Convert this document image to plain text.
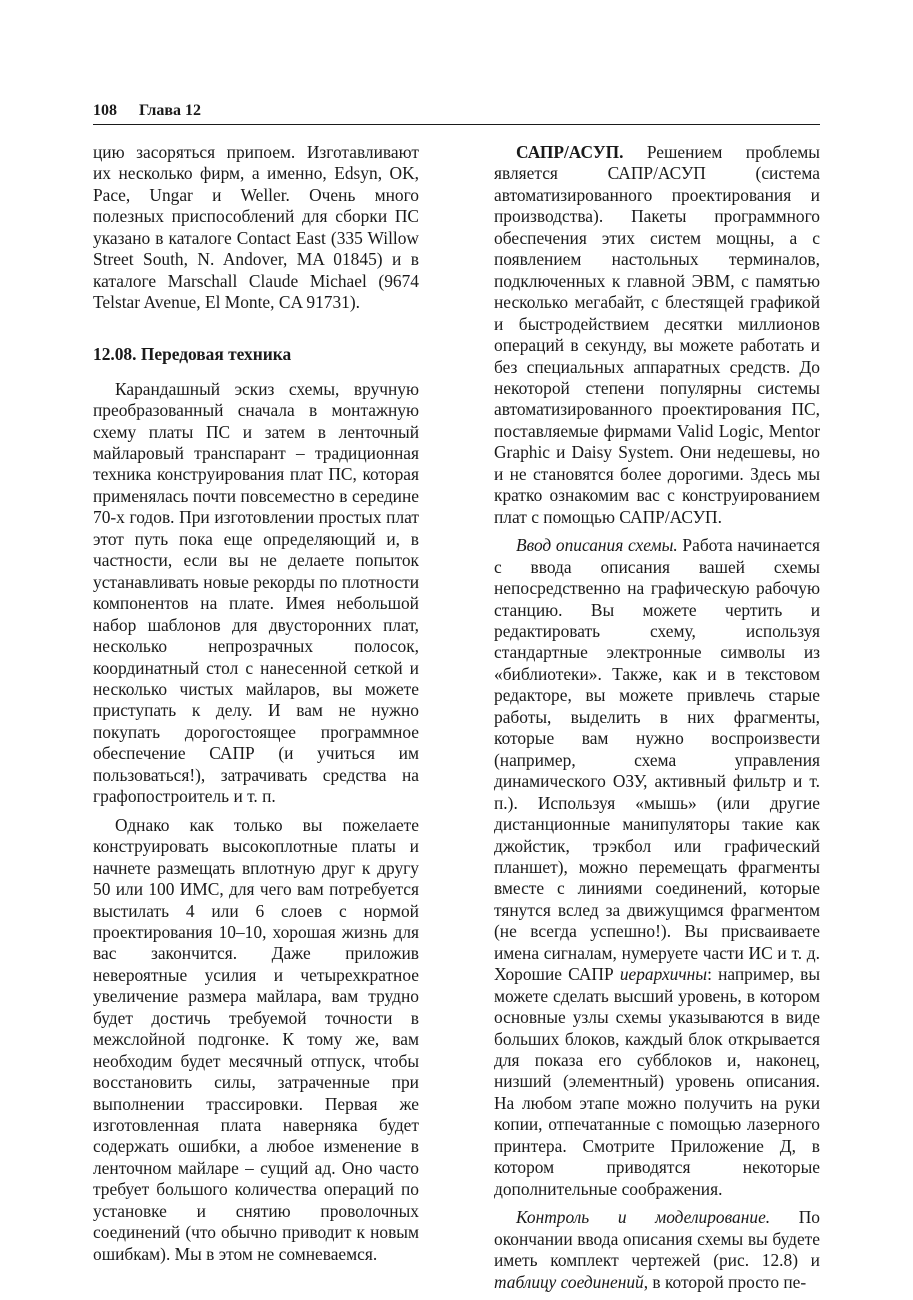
108 Глава 12

цию засоряться припоем. Изготавливают их несколько фирм, а именно, Edsyn, OK, Pace, Ungar и Weller. Очень много полезных приспособлений для сборки ПС указано в каталоге Contact East (335 Willow Street South, N. Andover, MA 01845) и в каталоге Marschall Claude Michael (9674 Telstar Avenue, El Monte, CA 91731).

12.08. Передовая техника

Карандашный эскиз схемы, вручную преобразованный сначала в монтажную схему платы ПС и затем в ленточный майларовый транспарант – традиционная техника конструирования плат ПС, которая применялась почти повсеместно в середине 70-х годов. При изготовлении простых плат этот путь пока еще определяющий и, в частности, если вы не делаете попыток устанавливать новые рекорды по плотности компонентов на плате. Имея небольшой набор шаблонов для двусторонних плат, несколько непрозрачных полосок, координатный стол с нанесенной сеткой и несколько чистых майларов, вы можете приступать к делу. И вам не нужно покупать дорогостоящее программное обеспечение САПР (и учиться им пользоваться!), затрачивать средства на графопостроитель и т. п.

Однако как только вы пожелаете конструировать высокоплотные платы и начнете размещать вплотную друг к другу 50 или 100 ИМС, для чего вам потребуется выстилать 4 или 6 слоев с нормой проектирования 10–10, хорошая жизнь для вас закончится. Даже приложив невероятные усилия и четырехкратное увеличение размера майлара, вам трудно будет достичь требуемой точности в межслойной подгонке. К тому же, вам необходим будет месячный отпуск, чтобы восстановить силы, затраченные при выполнении трассировки. Первая же изготовленная плата наверняка будет содержать ошибки, а любое изменение в ленточном майларе – сущий ад. Оно часто требует большого количества операций по установке и снятию проволочных соединений (что обычно приводит к новым ошибкам). Мы в этом не сомневаемся.

САПР/АСУП. Решением проблемы является САПР/АСУП (система автоматизированного проектирования и производства). Пакеты программного обеспечения этих систем мощны, а с появлением настольных терминалов, подключенных к главной ЭВМ, с памятью несколько мегабайт, с блестящей графикой и быстродействием десятки миллионов операций в секунду, вы можете работать и без специальных аппаратных средств. До некоторой степени популярны системы автоматизированного проектирования ПС, поставляемые фирмами Valid Logic, Mentor Graphic и Daisy System. Они недешевы, но и не становятся более дорогими. Здесь мы кратко ознакомим вас с конструированием плат с помощью САПР/АСУП.

Ввод описания схемы. Работа начинается с ввода описания вашей схемы непосредственно на графическую рабочую станцию. Вы можете чертить и редактировать схему, используя стандартные электронные символы из «библиотеки». Также, как и в текстовом редакторе, вы можете привлечь старые работы, выделить в них фрагменты, которые вам нужно воспроизвести (например, схема управления динамического ОЗУ, активный фильтр и т. п.). Используя «мышь» (или другие дистанционные манипуляторы такие как джойстик, трэкбол или графический планшет), можно перемещать фрагменты вместе с линиями соединений, которые тянутся вслед за движущимся фрагментом (не всегда успешно!). Вы присваиваете имена сигналам, нумеруете части ИС и т. д. Хорошие САПР иерархичны: например, вы можете сделать высший уровень, в котором основные узлы схемы указываются в виде больших блоков, каждый блок открывается для показа его субблоков и, наконец, низший (элементный) уровень описания. На любом этапе можно получить на руки копии, отпечатанные с помощью лазерного принтера. Смотрите Приложение Д, в котором приводятся некоторые дополнительные соображения.

Контроль и моделирование. По окончании ввода описания схемы вы будете иметь комплект чертежей (рис. 12.8) и таблицу соединений, в которой просто пе-
